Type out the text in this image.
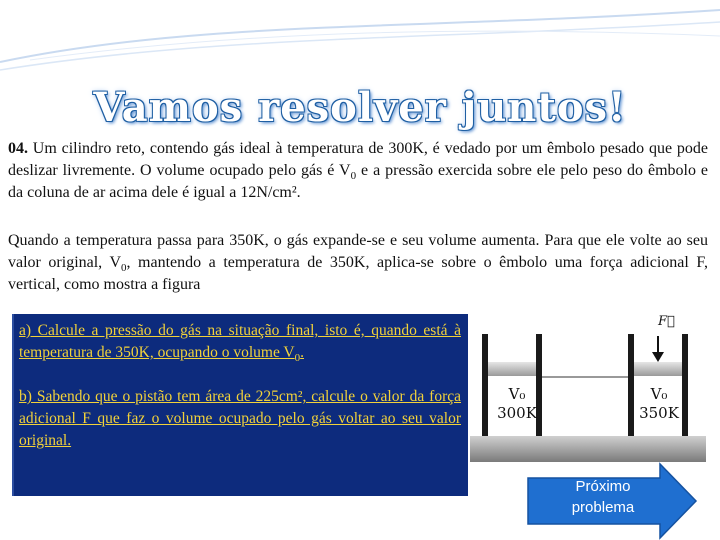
Vamos resolver juntos!
04. Um cilindro reto, contendo gás ideal à temperatura de 300K, é vedado por um êmbolo pesado que pode deslizar livremente. O volume ocupado pelo gás é $V_0$ e a pressão exercida sobre ele pelo peso do êmbolo e da coluna de ar acima dele é igual a 12N/cm².
Quando a temperatura passa para 350K, o gás expande-se e seu volume aumenta. Para que ele volte ao seu valor original, $V_0$, mantendo a temperatura de 350K, aplica-se sobre o êmbolo uma força adicional F, vertical, como mostra a figura
a) Calcule a pressão do gás na situação final, isto é, quando está à temperatura de 350K, ocupando o volume $V_0$.
b) Sabendo que o pistão tem área de 225cm², calcule o valor da força adicional F que faz o volume ocupado pelo gás voltar ao seu valor original.
F⃗
V₀
300K
V₀
350K
Próximo problema
